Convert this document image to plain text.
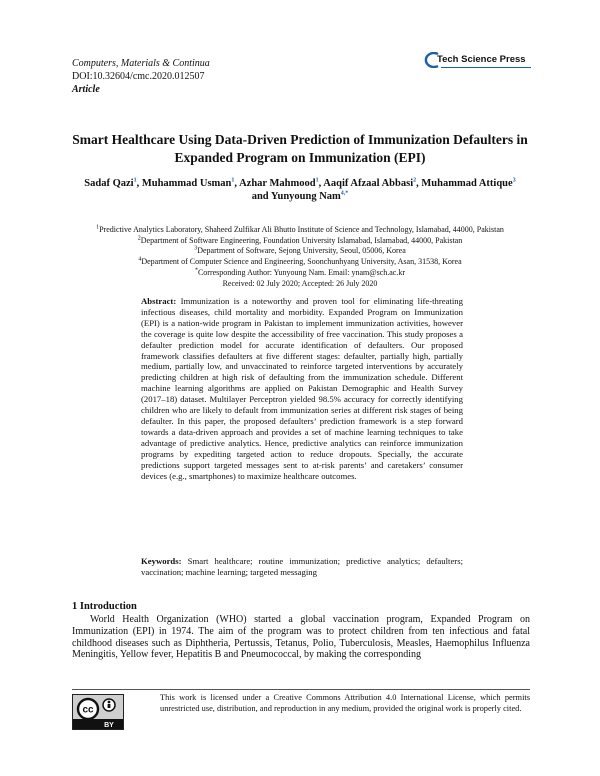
Computers, Materials & Continua
DOI:10.32604/cmc.2020.012507
Article
Tech Science Press
Smart Healthcare Using Data-Driven Prediction of Immunization Defaulters in Expanded Program on Immunization (EPI)
Sadaf Qazi$^1$, Muhammad Usman$^1$, Azhar Mahmood$^1$, Aaqif Afzaal Abbasi$^2$, Muhammad Attique$^3$
and Yunyoung Nam$^{4,*}$
$^1$Predictive Analytics Laboratory, Shaheed Zulfikar Ali Bhutto Institute of Science and Technology, Islamabad, 44000, Pakistan
$^2$Department of Software Engineering, Foundation University Islamabad, Islamabad, 44000, Pakistan
$^3$Department of Software, Sejong University, Seoul, 05006, Korea
$^4$Department of Computer Science and Engineering, Soonchunhyang University, Asan, 31538, Korea
*Corresponding Author: Yunyoung Nam. Email: ynam@sch.ac.kr
Received: 02 July 2020; Accepted: 26 July 2020
Abstract: Immunization is a noteworthy and proven tool for eliminating life-threating infectious diseases, child mortality and morbidity. Expanded Program on Immunization (EPI) is a nation-wide program in Pakistan to implement immunization activities, however the coverage is quite low despite the accessibility of free vaccination. This study proposes a defaulter prediction model for accurate identification of defaulters. Our proposed framework classifies defaulters at five different stages: defaulter, partially high, partially medium, partially low, and unvaccinated to reinforce targeted interventions by accurately predicting children at high risk of defaulting from the immunization schedule. Different machine learning algorithms are applied on Pakistan Demographic and Health Survey (2017–18) dataset. Multilayer Perceptron yielded 98.5% accuracy for correctly identifying children who are likely to default from immunization series at different risk stages of being defaulter. In this paper, the proposed defaulters’ prediction framework is a step forward towards a data-driven approach and provides a set of machine learning techniques to take advantage of predictive analytics. Hence, predictive analytics can reinforce immunization programs by expediting targeted action to reduce dropouts. Specially, the accurate predictions support targeted messages sent to at-risk parents’ and caretakers’ consumer devices (e.g., smartphones) to maximize healthcare outcomes.
Keywords: Smart healthcare; routine immunization; predictive analytics; defaulters; vaccination; machine learning; targeted messaging
1 Introduction
World Health Organization (WHO) started a global vaccination program, Expanded Program on Immunization (EPI) in 1974. The aim of the program was to protect children from ten infectious and fatal childhood diseases such as Diphtheria, Pertussis, Tetanus, Polio, Tuberculosis, Measles, Haemophilus Influenza Meningitis, Yellow fever, Hepatitis B and Pneumococcal, by making the corresponding
cc
BY
This work is licensed under a Creative Commons Attribution 4.0 International License, which permits unrestricted use, distribution, and reproduction in any medium, provided the original work is properly cited.
